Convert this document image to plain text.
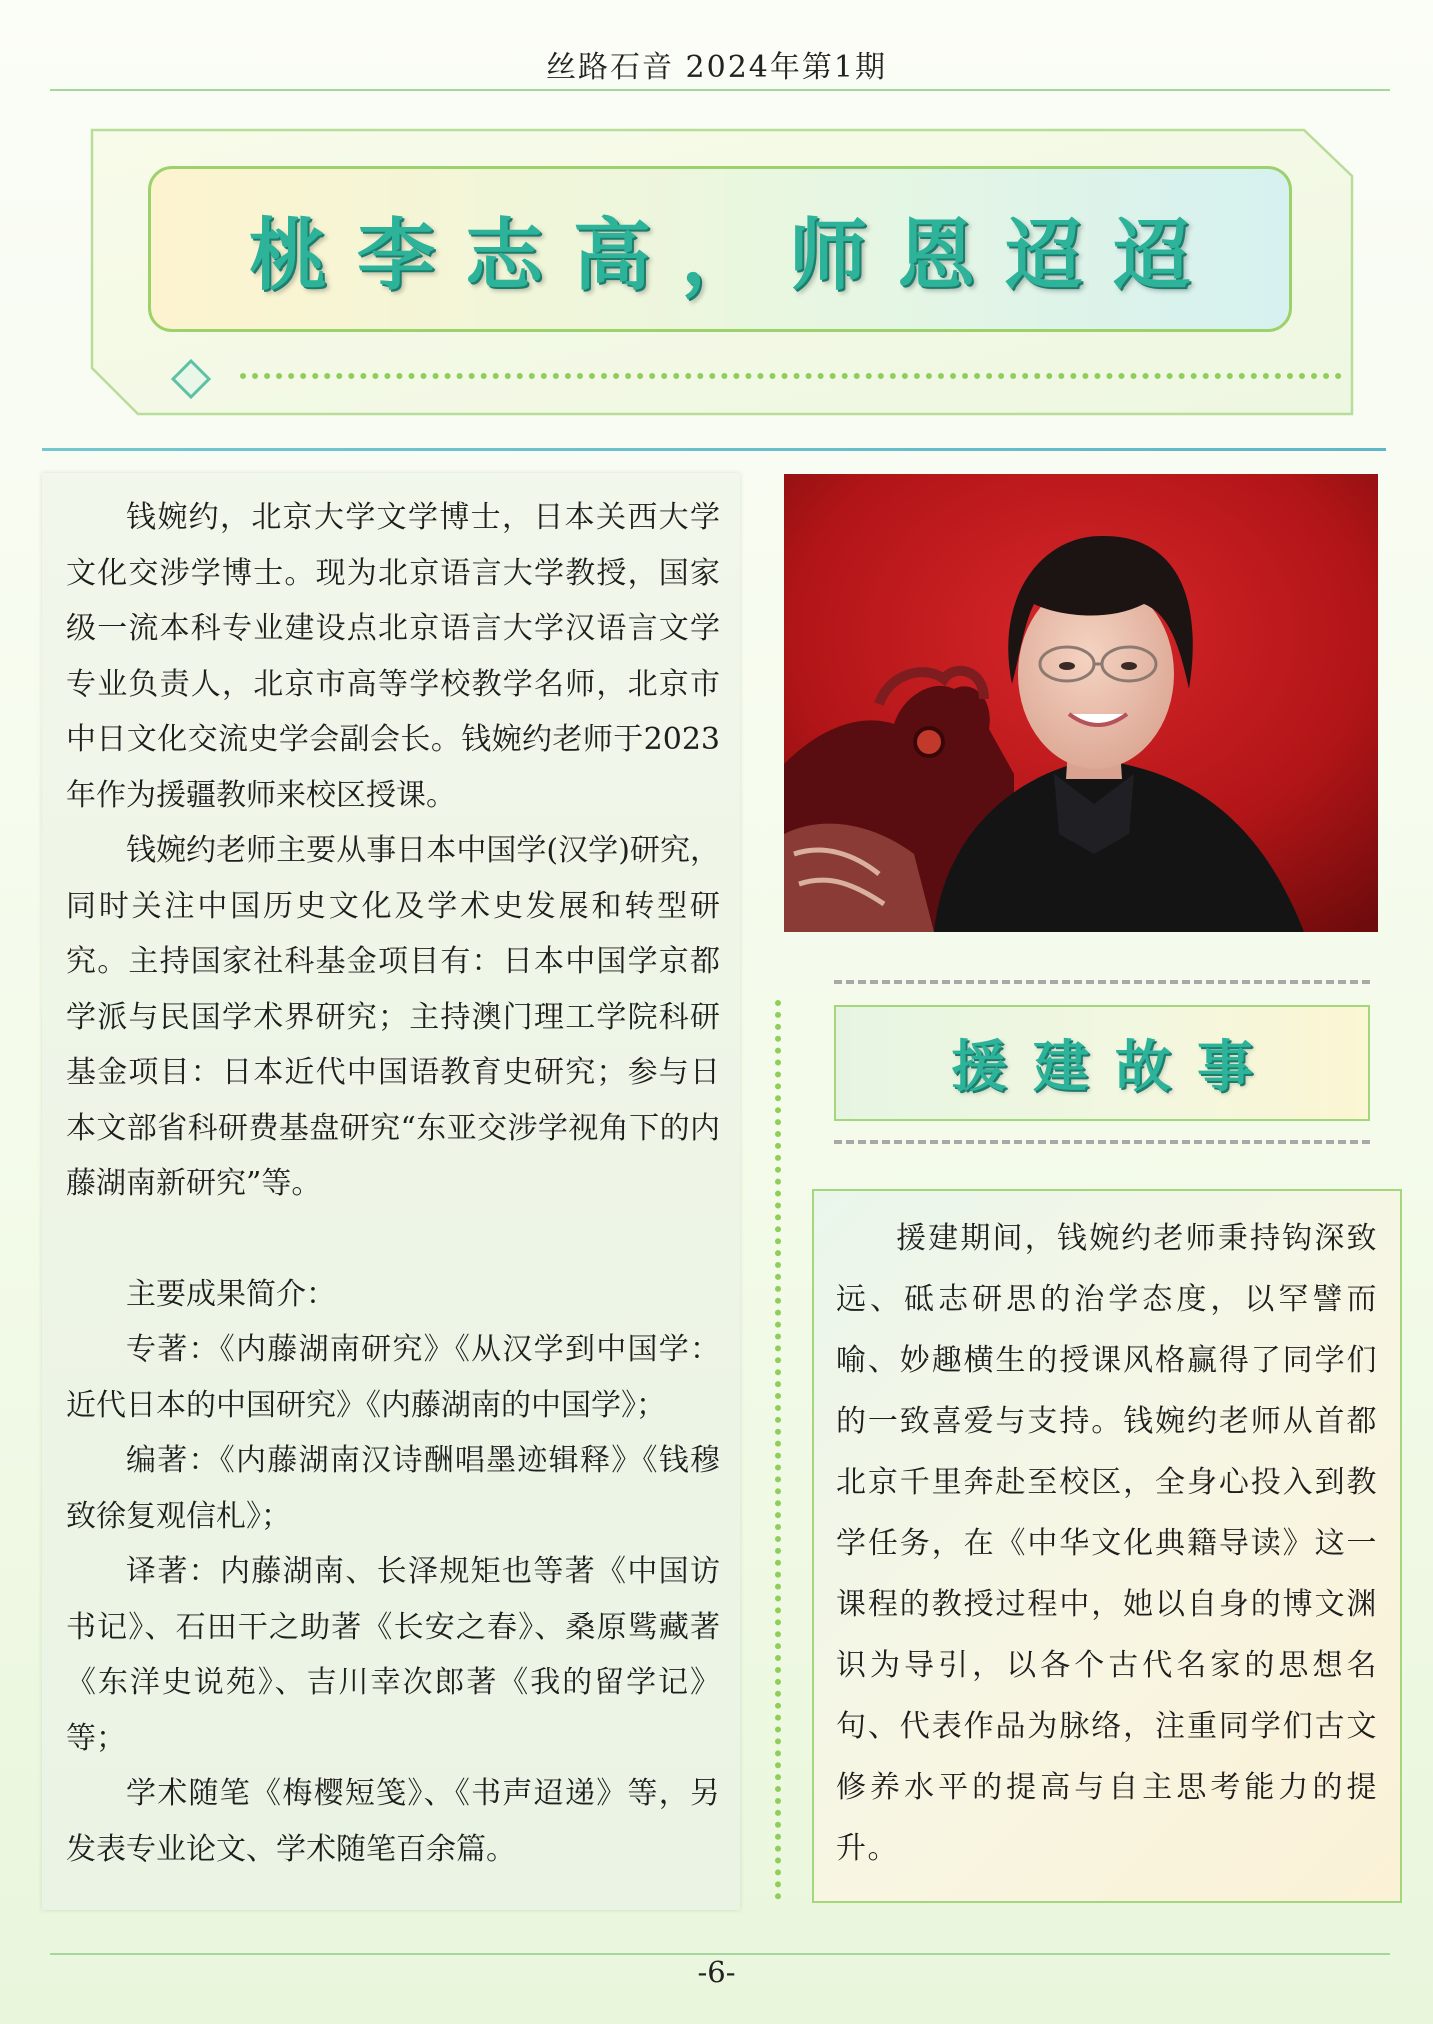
丝路石音 2024年第1期
桃李志高，师恩迢迢

钱婉约，北京大学文学博士，日本关西大学文化交涉学博士。现为北京语言大学教授，国家级一流本科专业建设点北京语言大学汉语言文学专业负责人，北京市高等学校教学名师，北京市中日文化交流史学会副会长。钱婉约老师于2023年作为援疆教师来校区授课。

钱婉约老师主要从事日本中国学(汉学)研究，同时关注中国历史文化及学术史发展和转型研究。主持国家社科基金项目有：日本中国学京都学派与民国学术界研究；主持澳门理工学院科研基金项目：日本近代中国语教育史研究；参与日本文部省科研费基盘研究“东亚交涉学视角下的内藤湖南新研究”等。

主要成果简介：

专著：《内藤湖南研究》《从汉学到中国学：近代日本的中国研究》《内藤湖南的中国学》；

编著：《内藤湖南汉诗酬唱墨迹辑释》《钱穆致徐复观信札》；

译著：内藤湖南、长泽规矩也等著《中国访书记》、石田干之助著《长安之春》、桑原骘藏著《东洋史说苑》、吉川幸次郎著《我的留学记》等；

学术随笔《梅樱短笺》、《书声迢递》等，另发表专业论文、学术随笔百余篇。

援建故事

援建期间，钱婉约老师秉持钩深致远、砥志研思的治学态度，以罕譬而喻、妙趣横生的授课风格赢得了同学们的一致喜爱与支持。钱婉约老师从首都北京千里奔赴至校区，全身心投入到教学任务，在《中华文化典籍导读》这一课程的教授过程中，她以自身的博文渊识为导引，以各个古代名家的思想名句、代表作品为脉络，注重同学们古文修养水平的提高与自主思考能力的提升。

-6-
